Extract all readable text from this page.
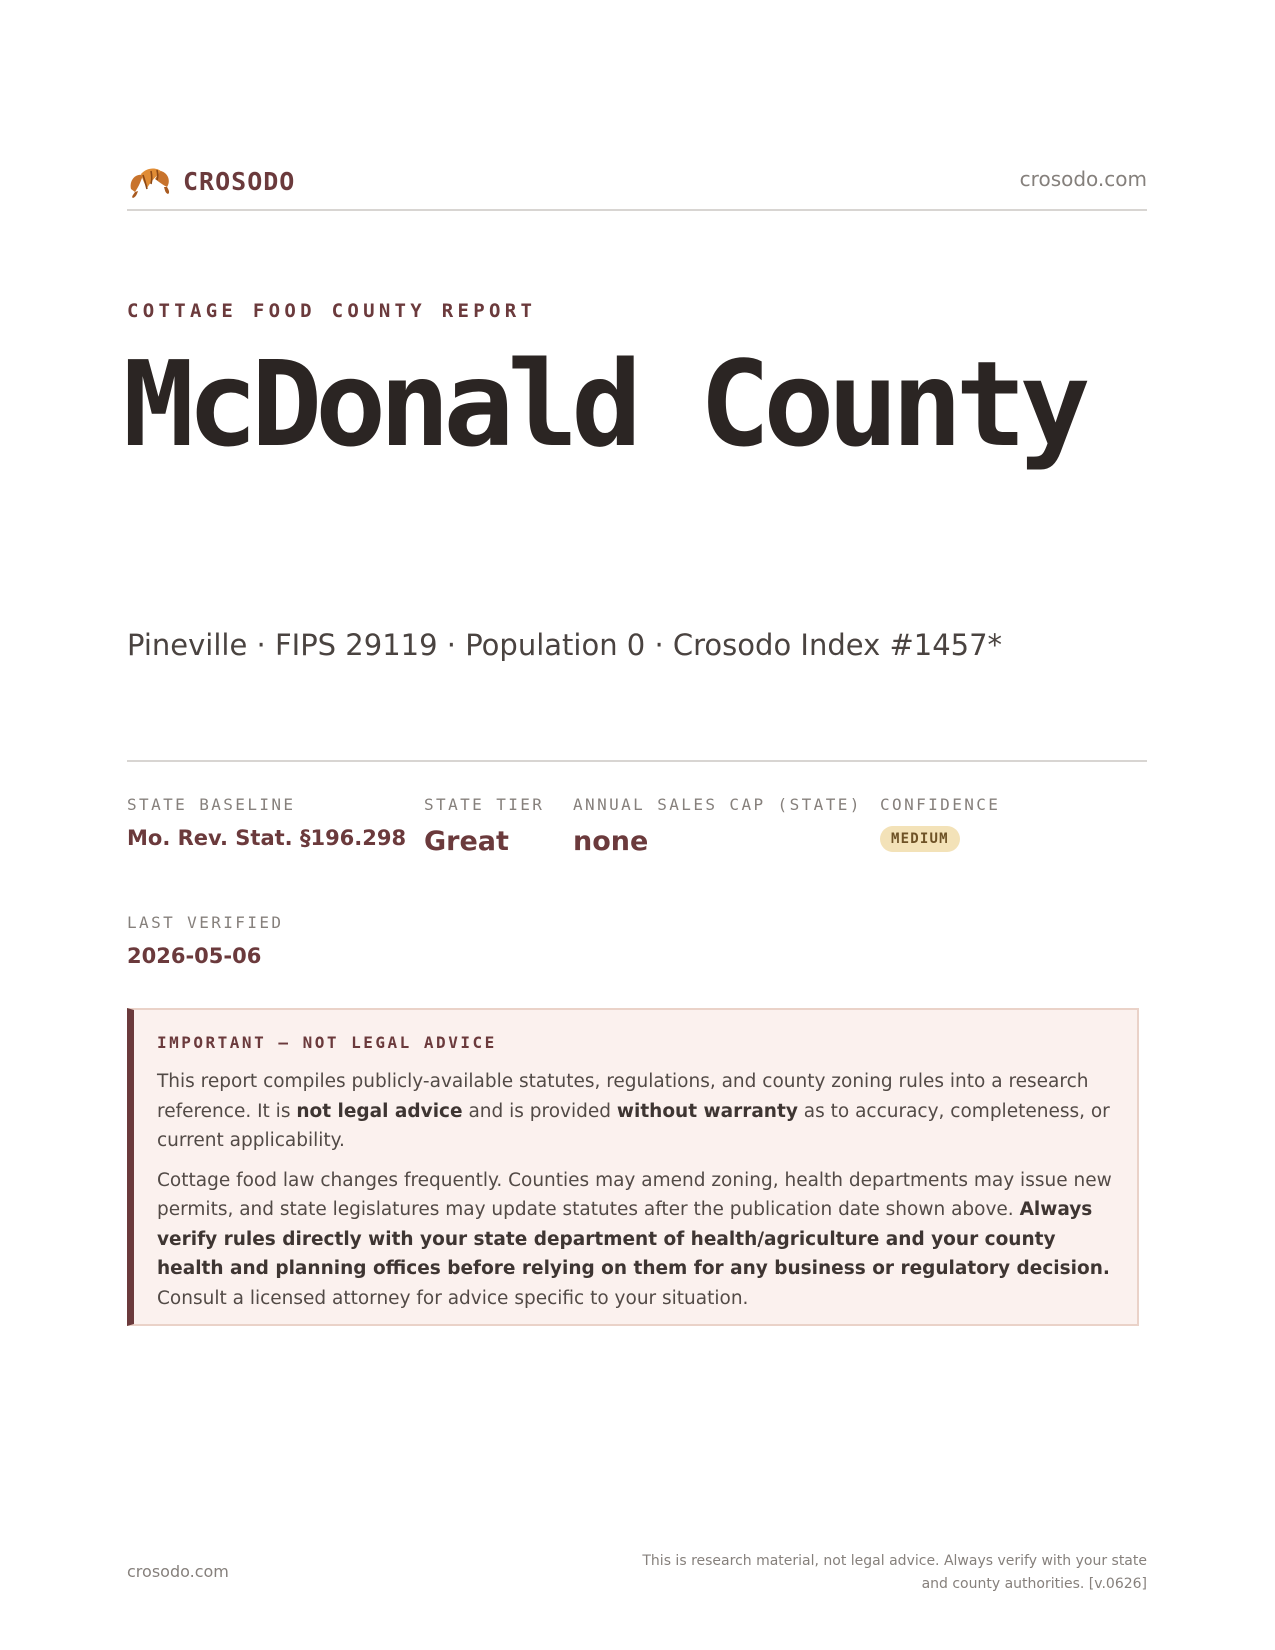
CROSODO	crosodo.com
COTTAGE FOOD COUNTY REPORT
McDonald County
Pineville · FIPS 29119 · Population 0 · Crosodo Index #1457*
STATE BASELINE
Mo. Rev. Stat. §196.298
STATE TIER
Great
ANNUAL SALES CAP (STATE)
none
CONFIDENCE
MEDIUM
LAST VERIFIED
2026-05-06
IMPORTANT — NOT LEGAL ADVICE

This report compiles publicly-available statutes, regulations, and county zoning rules into a research reference. It is not legal advice and is provided without warranty as to accuracy, completeness, or current applicability.

Cottage food law changes frequently. Counties may amend zoning, health departments may issue new permits, and state legislatures may update statutes after the publication date shown above. Always verify rules directly with your state department of health/agriculture and your county health and planning offices before relying on them for any business or regulatory decision. Consult a licensed attorney for advice specific to your situation.

crosodo.com
This is research material, not legal advice. Always verify with your state
and county authorities. [v.0626]
